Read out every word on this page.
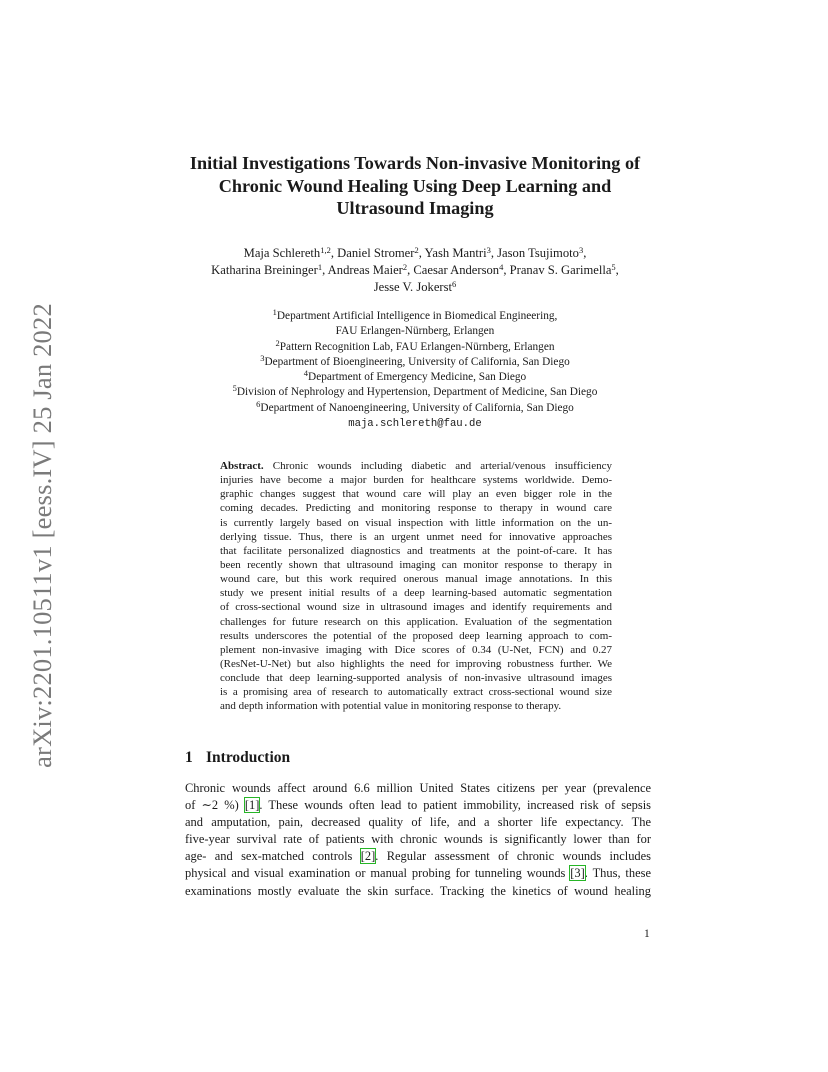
arXiv:2201.10511v1 [eess.IV] 25 Jan 2022
Initial Investigations Towards Non-invasive Monitoring of
Chronic Wound Healing Using Deep Learning and
Ultrasound Imaging
Maja Schlereth$^{1,2}$, Daniel Stromer$^2$, Yash Mantri$^3$, Jason Tsujimoto$^3$,
Katharina Breininger$^1$, Andreas Maier$^2$, Caesar Anderson$^4$, Pranav S. Garimella$^5$,
Jesse V. Jokerst$^6$
$^1$Department Artificial Intelligence in Biomedical Engineering,
FAU Erlangen-Nürnberg, Erlangen
$^2$Pattern Recognition Lab, FAU Erlangen-Nürnberg, Erlangen
$^3$Department of Bioengineering, University of California, San Diego
$^4$Department of Emergency Medicine, San Diego
$^5$Division of Nephrology and Hypertension, Department of Medicine, San Diego
$^6$Department of Nanoengineering, University of California, San Diego
maja.schlereth@fau.de
Abstract. Chronic wounds including diabetic and arterial/venous insufficiency
injuries have become a major burden for healthcare systems worldwide. Demo-
graphic changes suggest that wound care will play an even bigger role in the
coming decades. Predicting and monitoring response to therapy in wound care
is currently largely based on visual inspection with little information on the un-
derlying tissue. Thus, there is an urgent unmet need for innovative approaches
that facilitate personalized diagnostics and treatments at the point-of-care. It has
been recently shown that ultrasound imaging can monitor response to therapy in
wound care, but this work required onerous manual image annotations. In this
study we present initial results of a deep learning-based automatic segmentation
of cross-sectional wound size in ultrasound images and identify requirements and
challenges for future research on this application. Evaluation of the segmentation
results underscores the potential of the proposed deep learning approach to com-
plement non-invasive imaging with Dice scores of 0.34 (U-Net, FCN) and 0.27
(ResNet-U-Net) but also highlights the need for improving robustness further. We
conclude that deep learning-supported analysis of non-invasive ultrasound images
is a promising area of research to automatically extract cross-sectional wound size
and depth information with potential value in monitoring response to therapy.
1 Introduction
Chronic wounds affect around 6.6 million United States citizens per year (prevalence
of ∼2 %) [1]. These wounds often lead to patient immobility, increased risk of sepsis
and amputation, pain, decreased quality of life, and a shorter life expectancy. The
five-year survival rate of patients with chronic wounds is significantly lower than for
age- and sex-matched controls [2]. Regular assessment of chronic wounds includes
physical and visual examination or manual probing for tunneling wounds [3]. Thus, these
examinations mostly evaluate the skin surface. Tracking the kinetics of wound healing
1
